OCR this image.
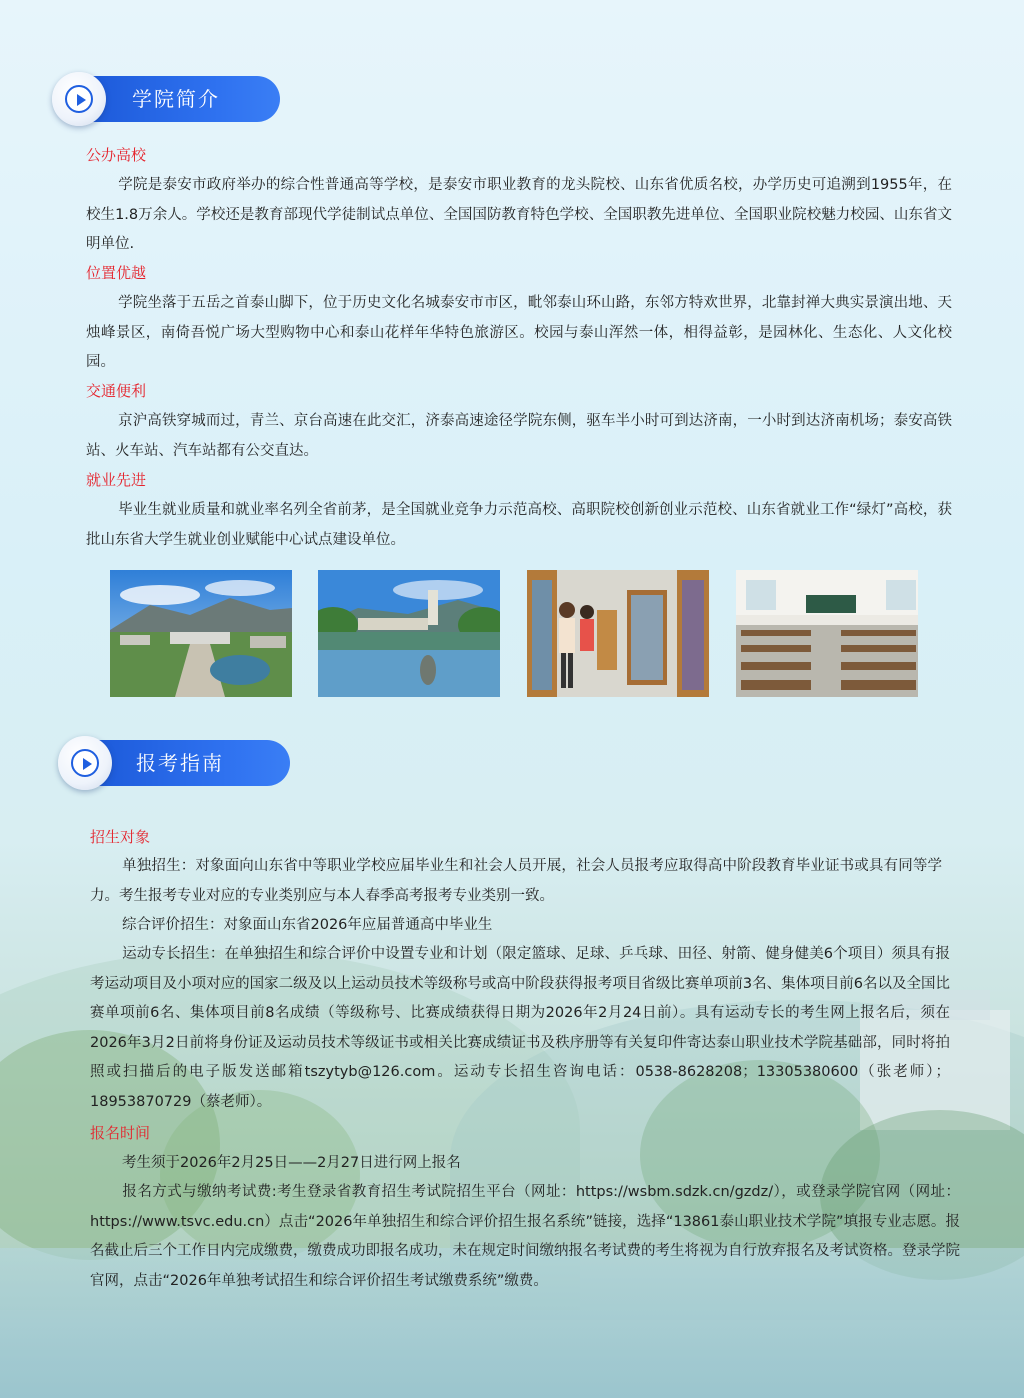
学院简介
公办高校
学院是泰安市政府举办的综合性普通高等学校，是泰安市职业教育的龙头院校、山东省优质名校，办学历史可追溯到1955年，在校生1.8万余人。学校还是教育部现代学徒制试点单位、全国国防教育特色学校、全国职教先进单位、全国职业院校魅力校园、山东省文明单位.
位置优越
学院坐落于五岳之首泰山脚下，位于历史文化名城泰安市市区，毗邻泰山环山路，东邻方特欢世界，北靠封禅大典实景演出地、天烛峰景区，南倚吾悦广场大型购物中心和泰山花样年华特色旅游区。校园与泰山浑然一体，相得益彰，是园林化、生态化、人文化校园。
交通便利
京沪高铁穿城而过，青兰、京台高速在此交汇，济泰高速途径学院东侧，驱车半小时可到达济南，一小时到达济南机场；泰安高铁站、火车站、汽车站都有公交直达。
就业先进
毕业生就业质量和就业率名列全省前茅，是全国就业竞争力示范高校、高职院校创新创业示范校、山东省就业工作“绿灯”高校，获批山东省大学生就业创业赋能中心试点建设单位。
报考指南
招生对象
单独招生：对象面向山东省中等职业学校应届毕业生和社会人员开展，社会人员报考应取得高中阶段教育毕业证书或具有同等学力。考生报考专业对应的专业类别应与本人春季高考报考专业类别一致。
综合评价招生：对象面山东省2026年应届普通高中毕业生
运动专长招生：在单独招生和综合评价中设置专业和计划（限定篮球、足球、乒乓球、田径、射箭、健身健美6个项目）须具有报考运动项目及小项对应的国家二级及以上运动员技术等级称号或高中阶段获得报考项目省级比赛单项前3名、集体项目前6名以及全国比赛单项前6名、集体项目前8名成绩（等级称号、比赛成绩获得日期为2026年2月24日前）。具有运动专长的考生网上报名后，须在2026年3月2日前将身份证及运动员技术等级证书或相关比赛成绩证书及秩序册等有关复印件寄达泰山职业技术学院基础部，同时将拍照或扫描后的电子版发送邮箱tszytyb@126.com。运动专长招生咨询电话：0538-8628208；13305380600（张老师）；18953870729（蔡老师）。
报名时间
考生须于2026年2月25日——2月27日进行网上报名
报名方式与缴纳考试费:考生登录省教育招生考试院招生平台（网址：https://wsbm.sdzk.cn/gzdz/），或登录学院官网（网址：https://www.tsvc.edu.cn）点击“2026年单独招生和综合评价招生报名系统”链接，选择“13861泰山职业技术学院”填报专业志愿。报名截止后三个工作日内完成缴费，缴费成功即报名成功，未在规定时间缴纳报名考试费的考生将视为自行放弃报名及考试资格。登录学院官网，点击“2026年单独考试招生和综合评价招生考试缴费系统”缴费。
